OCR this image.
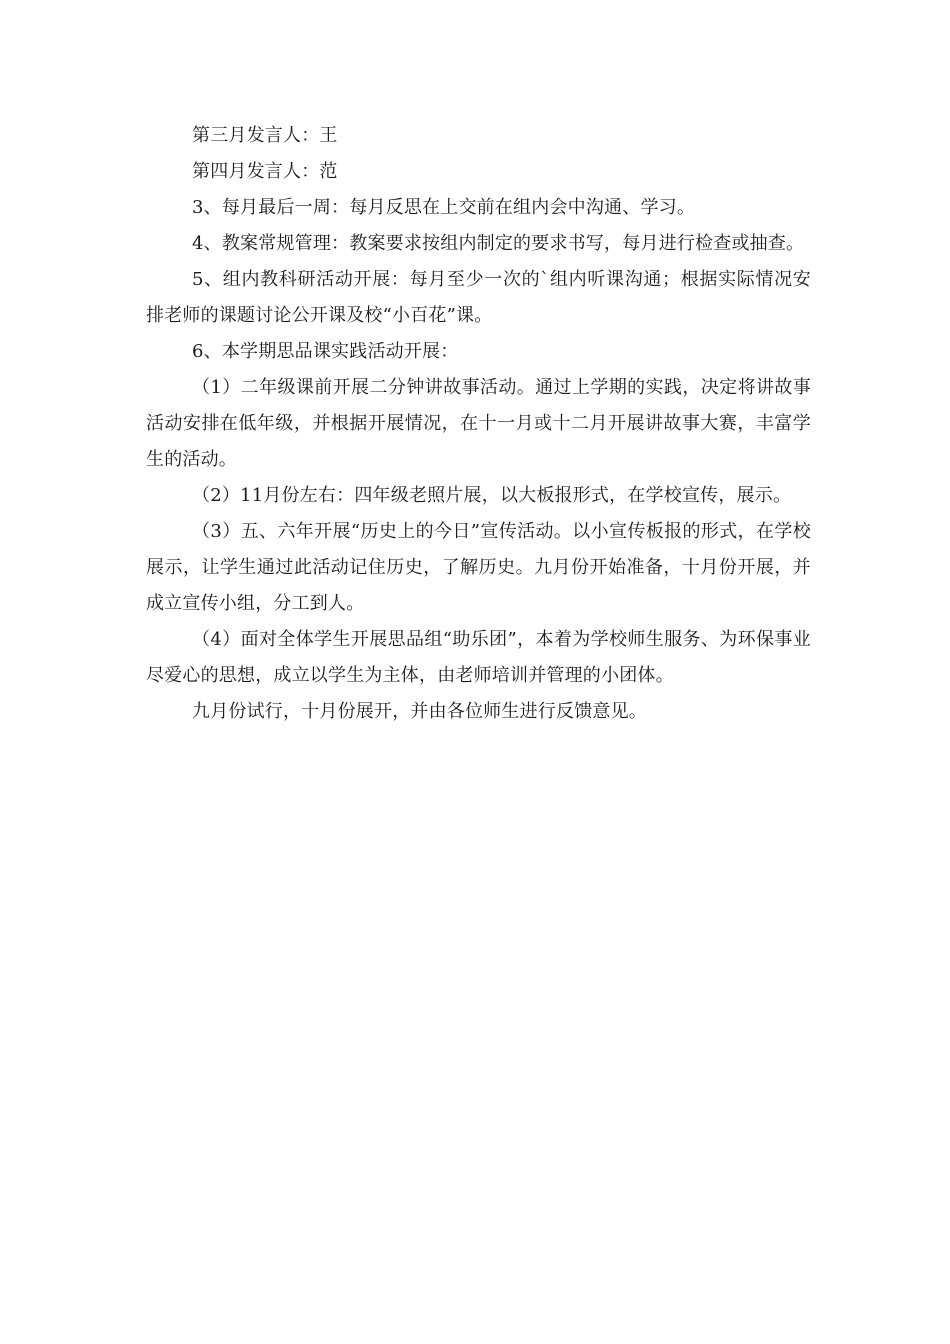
第三月发言人：王

第四月发言人：范

3、每月最后一周：每月反思在上交前在组内会中沟通、学习。

4、教案常规管理：教案要求按组内制定的要求书写，每月进行检查或抽查。

5、组内教科研活动开展：每月至少一次的`组内听课沟通；根据实际情况安排老师的课题讨论公开课及校“小百花”课。

6、本学期思品课实践活动开展：

（1）二年级课前开展二分钟讲故事活动。通过上学期的实践，决定将讲故事活动安排在低年级，并根据开展情况，在十一月或十二月开展讲故事大赛，丰富学生的活动。

（2）11月份左右：四年级老照片展，以大板报形式，在学校宣传，展示。

（3）五、六年开展“历史上的今日”宣传活动。以小宣传板报的形式，在学校展示，让学生通过此活动记住历史，了解历史。九月份开始准备，十月份开展，并成立宣传小组，分工到人。

（4）面对全体学生开展思品组“助乐团”，本着为学校师生服务、为环保事业尽爱心的思想，成立以学生为主体，由老师培训并管理的小团体。

九月份试行，十月份展开，并由各位师生进行反馈意见。
